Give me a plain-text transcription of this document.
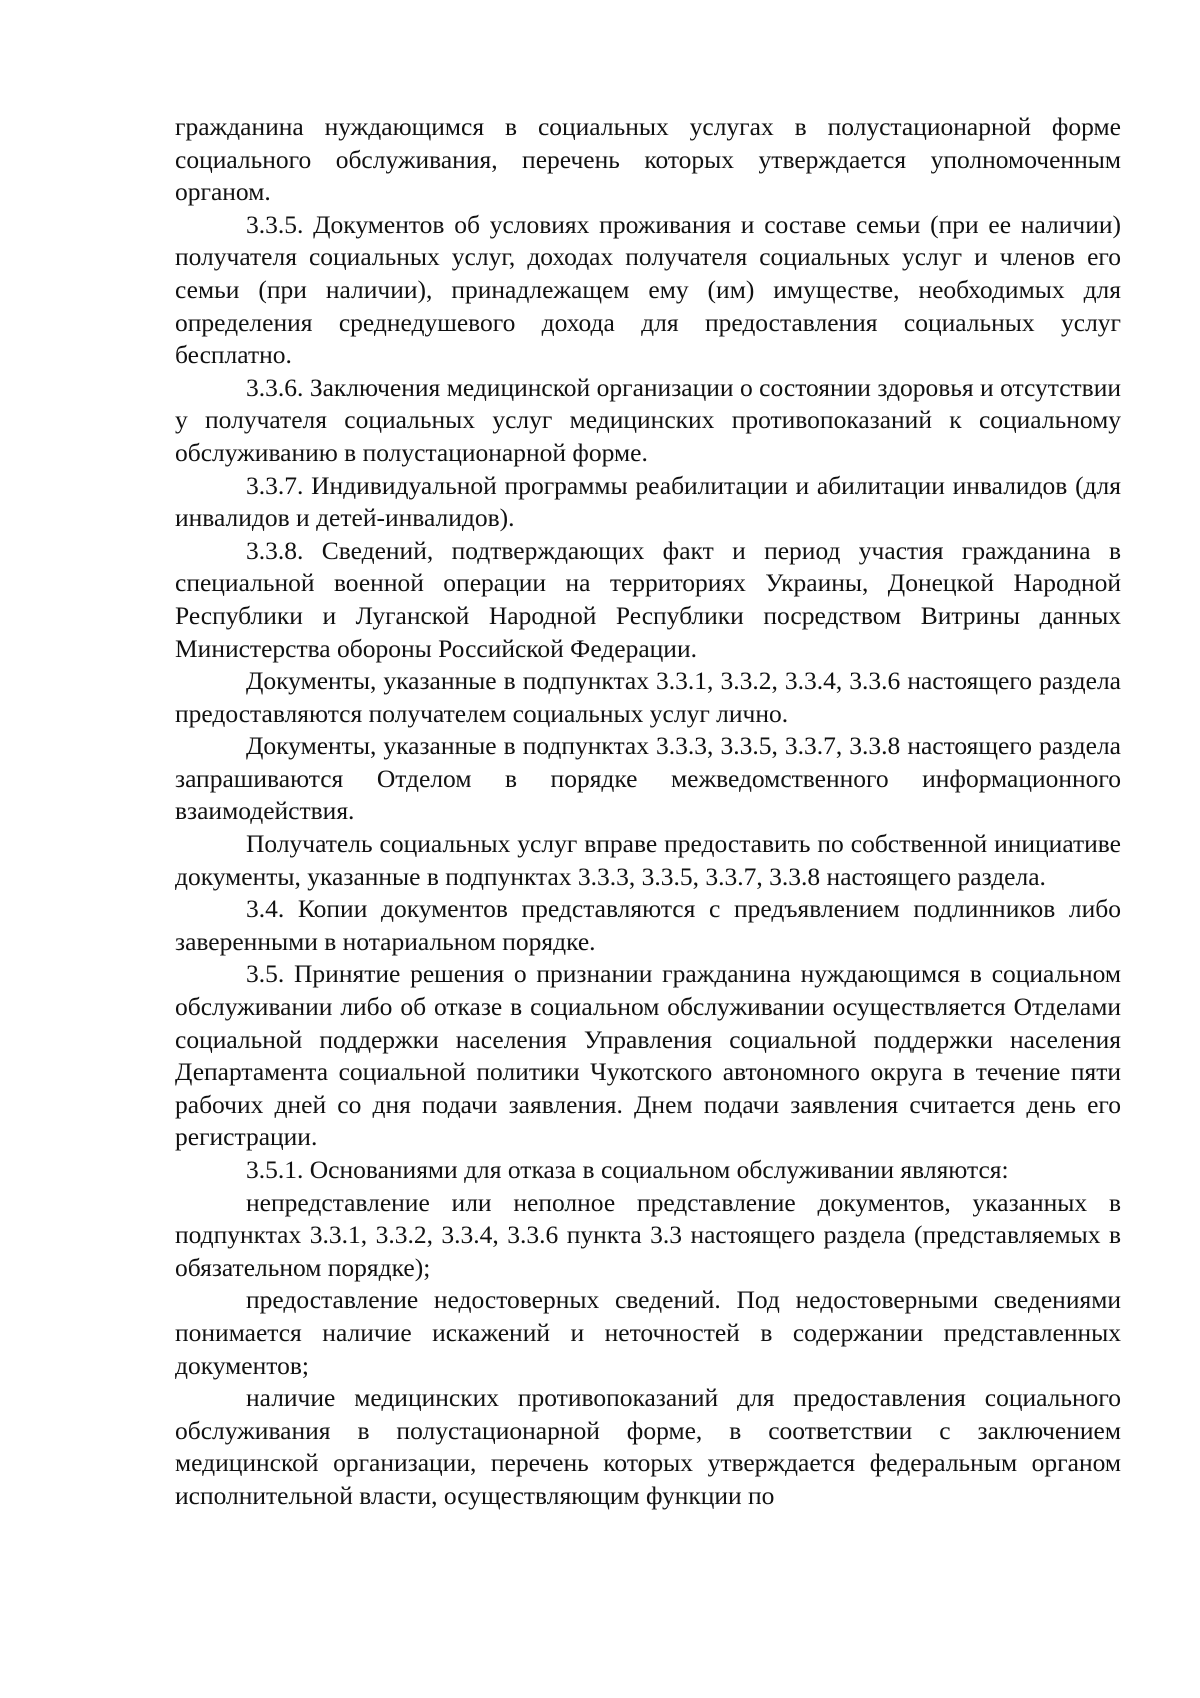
гражданина нуждающимся в социальных услугах в полустационарной форме социального обслуживания, перечень которых утверждается уполномоченным органом.

3.3.5. Документов об условиях проживания и составе семьи (при ее наличии) получателя социальных услуг, доходах получателя социальных услуг и членов его семьи (при наличии), принадлежащем ему (им) имуществе, необходимых для определения среднедушевого дохода для предоставления социальных услуг бесплатно.

3.3.6. Заключения медицинской организации о состоянии здоровья и отсутствии у получателя социальных услуг медицинских противопоказаний к социальному обслуживанию в полустационарной форме.

3.3.7. Индивидуальной программы реабилитации и абилитации инвалидов (для инвалидов и детей-инвалидов).

3.3.8. Сведений, подтверждающих факт и период участия гражданина в специальной военной операции на территориях Украины, Донецкой Народной Республики и Луганской Народной Республики посредством Витрины данных Министерства обороны Российской Федерации.

Документы, указанные в подпунктах 3.3.1, 3.3.2, 3.3.4, 3.3.6 настоящего раздела предоставляются получателем социальных услуг лично.

Документы, указанные в подпунктах 3.3.3, 3.3.5, 3.3.7, 3.3.8 настоящего раздела запрашиваются Отделом в порядке межведомственного информационного взаимодействия.

Получатель социальных услуг вправе предоставить по собственной инициативе документы, указанные в подпунктах 3.3.3, 3.3.5, 3.3.7, 3.3.8 настоящего раздела.

3.4. Копии документов представляются с предъявлением подлинников либо заверенными в нотариальном порядке.

3.5. Принятие решения о признании гражданина нуждающимся в социальном обслуживании либо об отказе в социальном обслуживании осуществляется Отделами социальной поддержки населения Управления социальной поддержки населения Департамента социальной политики Чукотского автономного округа в течение пяти рабочих дней со дня подачи заявления. Днем подачи заявления считается день его регистрации.

3.5.1. Основаниями для отказа в социальном обслуживании являются:

непредставление или неполное представление документов, указанных в подпунктах 3.3.1, 3.3.2, 3.3.4, 3.3.6 пункта 3.3 настоящего раздела (представляемых в обязательном порядке);

предоставление недостоверных сведений. Под недостоверными сведениями понимается наличие искажений и неточностей в содержании представленных документов;

наличие медицинских противопоказаний для предоставления социального обслуживания в полустационарной форме, в соответствии с заключением медицинской организации, перечень которых утверждается федеральным органом исполнительной власти, осуществляющим функции по
